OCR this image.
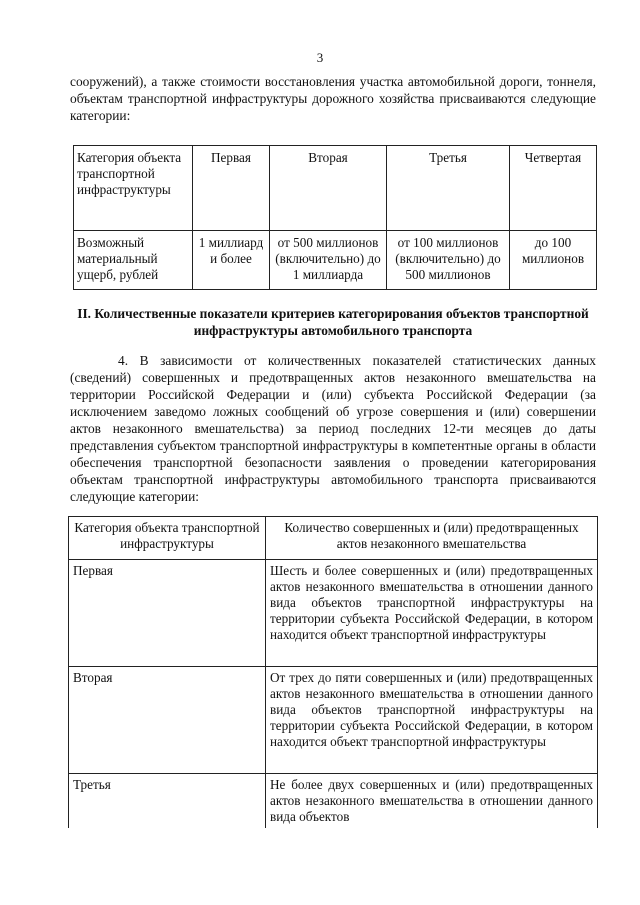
3
сооружений), а также стоимости восстановления участка автомобильной дороги, тоннеля, объектам транспортной инфраструктуры дорожного хозяйства присваиваются следующие категории:
Категория объекта транспортной инфраструктуры	Первая	Вторая	Третья	Четвертая
Возможный материальный ущерб, рублей	1 миллиард и более	от 500 миллионов (включительно) до 1 миллиарда	от 100 миллионов (включительно) до 500 миллионов	до 100 миллионов
II. Количественные показатели критериев категорирования объектов транспортной инфраструктуры автомобильного транспорта
4. В зависимости от количественных показателей статистических данных (сведений) совершенных и предотвращенных актов незаконного вмешательства на территории Российской Федерации и (или) субъекта Российской Федерации (за исключением заведомо ложных сообщений об угрозе совершения и (или) совершении актов незаконного вмешательства) за период последних 12-ти месяцев до даты представления субъектом транспортной инфраструктуры в компетентные органы в области обеспечения транспортной безопасности заявления о проведении категорирования объектам транспортной инфраструктуры автомобильного транспорта присваиваются следующие категории:
Категория объекта транспортной инфраструктуры	Количество совершенных и (или) предотвращенных актов незаконного вмешательства
Первая	Шесть и более совершенных и (или) предотвращенных актов незаконного вмешательства в отношении данного вида объектов транспортной инфраструктуры на территории субъекта Российской Федерации, в котором находится объект транспортной инфраструктуры
Вторая	От трех до пяти совершенных и (или) предотвращенных актов незаконного вмешательства в отношении данного вида объектов транспортной инфраструктуры на территории субъекта Российской Федерации, в котором находится объект транспортной инфраструктуры
Третья	Не более двух совершенных и (или) предотвращенных актов незаконного вмешательства в отношении данного вида объектов
